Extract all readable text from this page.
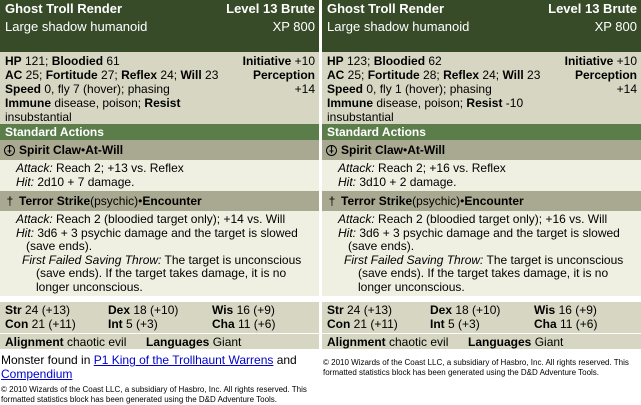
Ghost Troll Render	Level 13 Brute
Large shadow humanoid	XP 800
HP 121; Bloodied 61
AC 25; Fortitude 27; Reflex 24; Will 23
Speed 0, fly 7 (hover); phasing
Immune disease, poison; Resist insubstantial
Initiative +10
Perception
+14
Standard Actions
⸸ Spirit Claw • At-Will
Attack: Reach 2; +13 vs. Reflex
Hit: 2d10 + 7 damage.
† Terror Strike (psychic) • Encounter
Attack: Reach 2 (bloodied target only); +14 vs. Will
Hit: 3d6 + 3 psychic damage and the target is slowed (save ends).
First Failed Saving Throw: The target is unconscious (save ends). If the target takes damage, it is no longer unconscious.
Str 24 (+13)	Dex 18 (+10)	Wis 16 (+9)
Con 21 (+11)	Int 5 (+3)	Cha 11 (+6)
Alignment chaotic evil Languages Giant
Monster found in P1 King of the Trollhaunt Warrens and
Compendium
Ghost Troll Render	Level 13 Brute
Large shadow humanoid	XP 800
HP 123; Bloodied 62
AC 25; Fortitude 28; Reflex 24; Will 23
Speed 0, fly 1 (hover); phasing
Immune disease, poison; Resist -10 insubstantial
Initiative +10
Perception
+14
Standard Actions
⸸ Spirit Claw • At-Will
Attack: Reach 2; +16 vs. Reflex
Hit: 3d10 + 2 damage.
† Terror Strike (psychic) • Encounter
Attack: Reach 2 (bloodied target only); +16 vs. Will
Hit: 3d6 + 3 psychic damage and the target is slowed (save ends).
First Failed Saving Throw: The target is unconscious (save ends). If the target takes damage, it is no longer unconscious.
Str 24 (+13)	Dex 18 (+10)	Wis 16 (+9)
Con 21 (+11)	Int 5 (+3)	Cha 11 (+6)
Alignment chaotic evil Languages Giant
© 2010 Wizards of the Coast LLC, a subsidiary of Hasbro, Inc. All rights reserved. This formatted statistics block has been generated using the D&D Adventure Tools.
© 2010 Wizards of the Coast LLC, a subsidiary of Hasbro, Inc. All rights reserved. This formatted statistics block has been generated using the D&D Adventure Tools.
